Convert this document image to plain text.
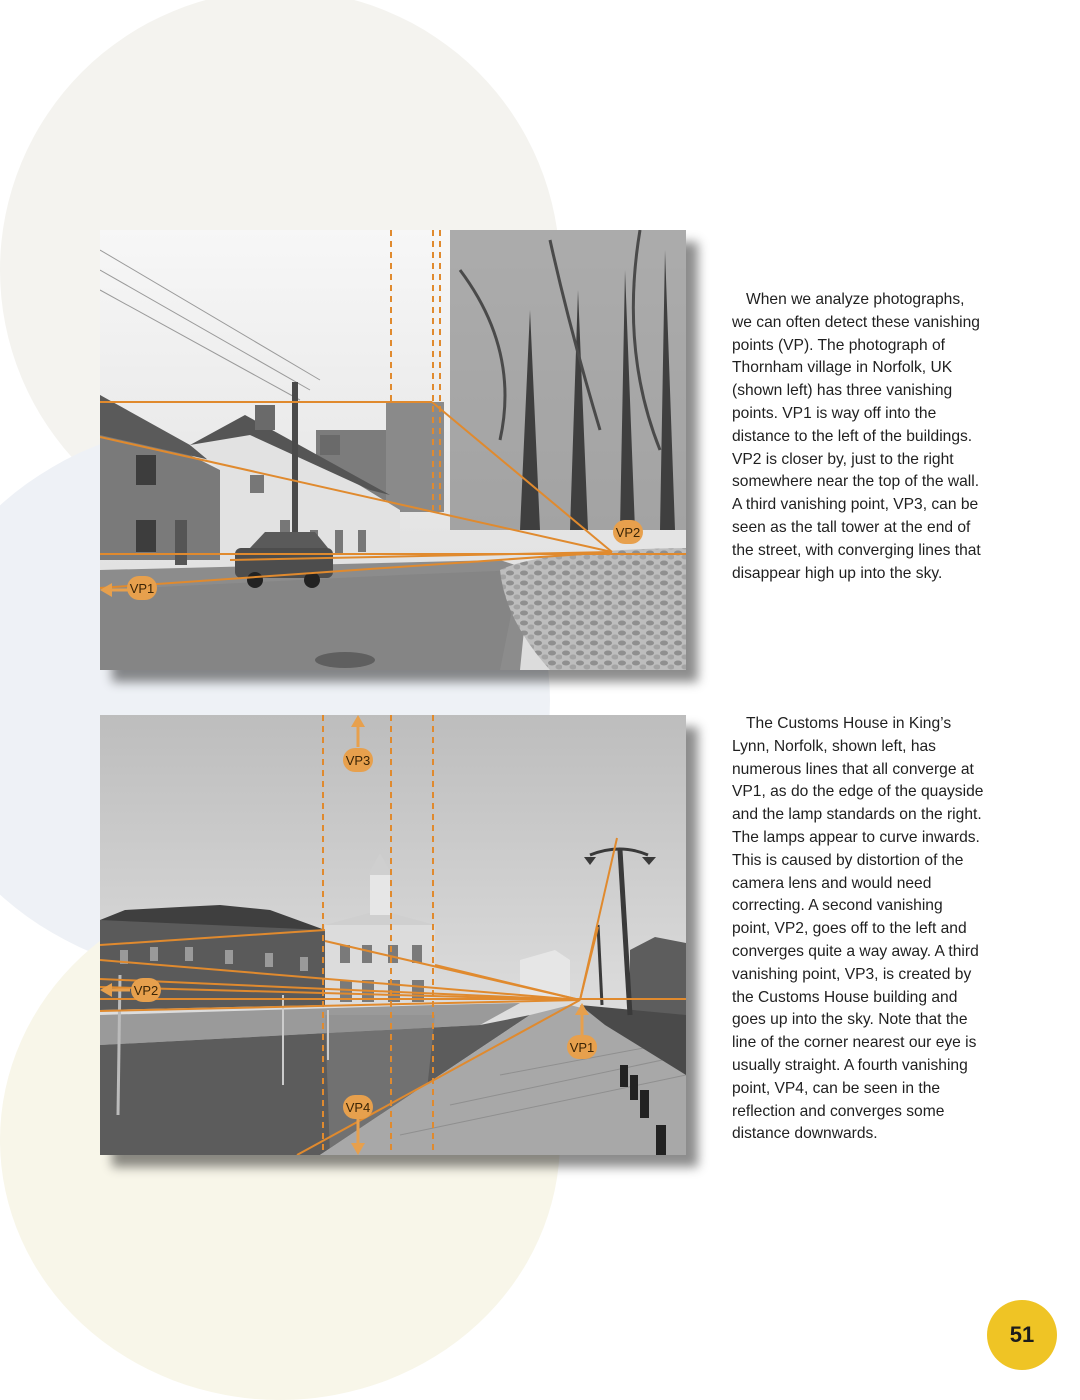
VP1
VP2

When we analyze photographs, we can often detect these vanishing points (VP). The photograph of Thornham village in Norfolk, UK (shown left) has three vanishing points. VP1 is way off into the distance to the left of the buildings. VP2 is closer by, just to the right somewhere near the top of the wall. A third vanishing point, VP3, can be seen as the tall tower at the end of the street, with converging lines that disappear high up into the sky.

VP3
VP2
VP1
VP4

The Customs House in King’s Lynn, Norfolk, shown left, has numerous lines that all converge at VP1, as do the edge of the quayside and the lamp standards on the right. The lamps appear to curve inwards. This is caused by distortion of the camera lens and would need correcting. A second vanishing point, VP2, goes off to the left and converges quite a way away. A third vanishing point, VP3, is created by the Customs House building and goes up into the sky. Note that the line of the corner nearest our eye is usually straight. A fourth vanishing point, VP4, can be seen in the reflection and converges some distance downwards.

51
